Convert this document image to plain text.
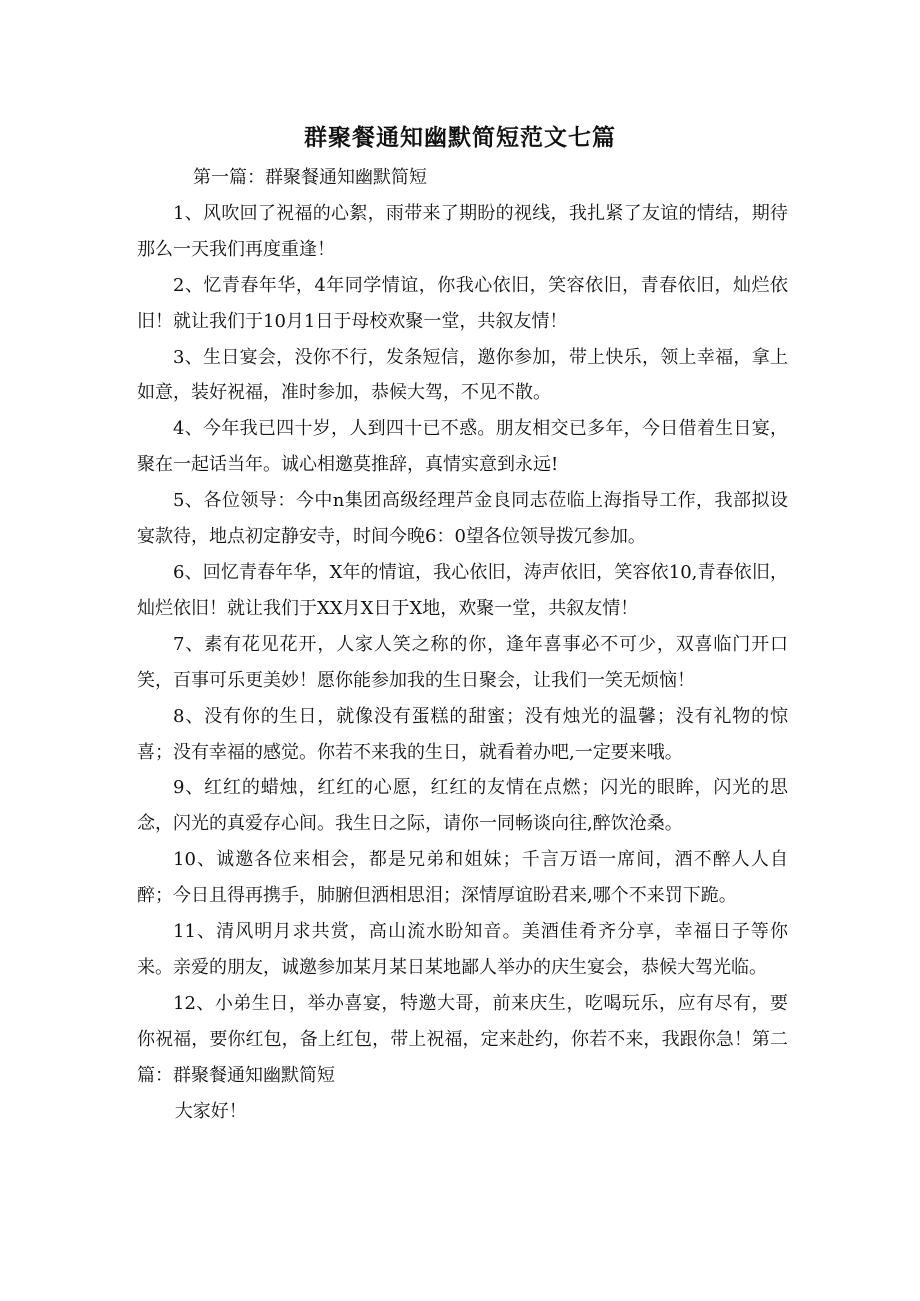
群聚餐通知幽默简短范文七篇

第一篇：群聚餐通知幽默简短

1、风吹回了祝福的心絮，雨带来了期盼的视线，我扎紧了友谊的情结，期待那么一天我们再度重逢！

2、忆青春年华，4年同学情谊，你我心依旧，笑容依旧，青春依旧，灿烂依旧！就让我们于10月1日于母校欢聚一堂，共叙友情！

3、生日宴会，没你不行，发条短信，邀你参加，带上快乐，领上幸福，拿上如意，装好祝福，准时参加，恭候大驾，不见不散。

4、今年我已四十岁，人到四十已不惑。朋友相交已多年，今日借着生日宴，聚在一起话当年。诚心相邀莫推辞，真情实意到永远!

5、各位领导：今中n集团高级经理芦金良同志莅临上海指导工作，我部拟设宴款待，地点初定静安寺，时间今晚6：0望各位领导拨冗参加。

6、回忆青春年华，X年的情谊，我心依旧，涛声依旧，笑容依10,青春依旧，灿烂依旧！就让我们于XX月X日于X地，欢聚一堂，共叙友情！

7、素有花见花开，人家人笑之称的你，逢年喜事必不可少，双喜临门开口笑，百事可乐更美妙！愿你能参加我的生日聚会，让我们一笑无烦恼！

8、没有你的生日，就像没有蛋糕的甜蜜；没有烛光的温馨；没有礼物的惊喜；没有幸福的感觉。你若不来我的生日，就看着办吧,一定要来哦。

9、红红的蜡烛，红红的心愿，红红的友情在点燃；闪光的眼眸，闪光的思念，闪光的真爱存心间。我生日之际，请你一同畅谈向往,醉饮沧桑。

10、诚邀各位来相会，都是兄弟和姐妹；千言万语一席间，酒不醉人人自醉；今日且得再携手，肺腑但洒相思泪；深情厚谊盼君来,哪个不来罚下跪。

11、清风明月求共赏，高山流水盼知音。美酒佳肴齐分享，幸福日子等你来。亲爱的朋友，诚邀参加某月某日某地鄙人举办的庆生宴会，恭候大驾光临。

12、小弟生日，举办喜宴，特邀大哥，前来庆生，吃喝玩乐，应有尽有，要你祝福，要你红包，备上红包，带上祝福，定来赴约，你若不来，我跟你急！第二篇：群聚餐通知幽默简短

大家好！
